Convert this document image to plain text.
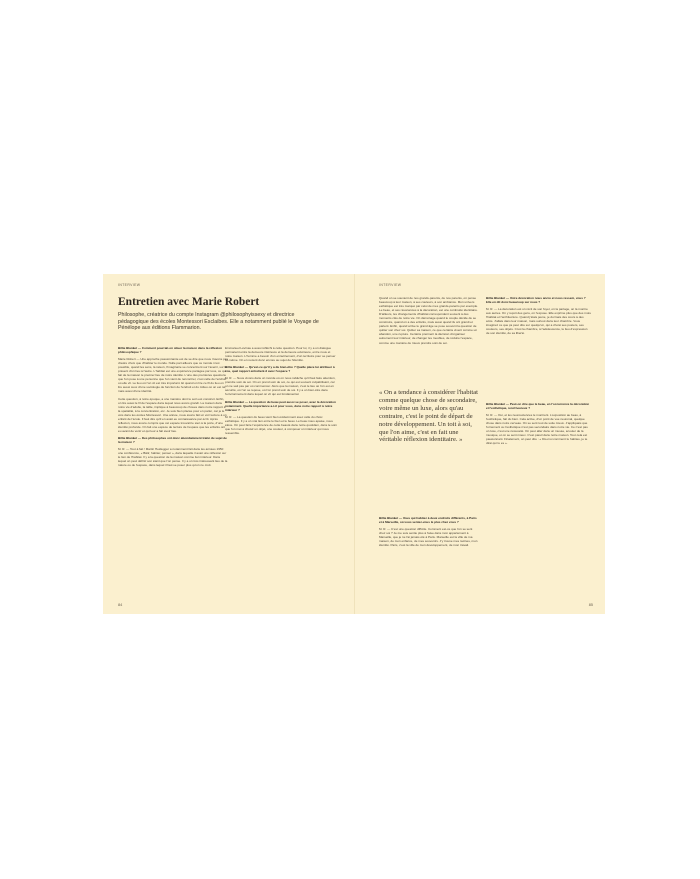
INTERVIEW
Entretien avec Marie Robert

Philosophe, créatrice du compte Instagram @philosophyissexy et directrice pédagogique des écoles Montessori Esclaibes. Elle a notamment publié le Voyage de Pénélope aux éditions Flammarion.

Billie Blanket — Comment pourrait-on situer la maison dans la réflexion philosophique ?

Marie Robert — Une approche passionnante est de se dire que nous n'avons pas d'autre choix que d'habiter le monde. Nulle part ailleurs que ce monde n'est possible, quand les sens, la raison, l'imaginaire se concentrent sur l'avenir, sur le présent d'un lieu à l'autre. L'habitat est une expérience partagée par tous, ce qui fait de la maison le premier lieu de notre identité. L'une des premières questions que l'on pose à une personne que l'on vient de rencontrer, c'est celle de l'endroit où elle vit. Le lieu où l'on vit est très important. Et quand on lire ce fil du lieu on lire aussi ceux d'une sociologie de fonction de l'endroit et du milieu où on est né, mais aussi d'une identité.

Cette question, à notre époque, a une manière dont le soin est construit. Enfin, on lire aussi le fil de l'espace dans lequel nous avons grandi. La maison dans notre vie d'adulte, la table, implique à beaucoup de choses dans notre rapport à la spatialité, à la concentration, etc. Je suis bien placée pour en parler, car je le vois dans les écoles Montessori. Une année, nous avons fait un voir lecture à un enfant de l'école. Il faut dire qu'il en avait eu connaissance par écrit. Après réflexion, nous avons compris que cet espace trouvait le sien à la porte, d'une identité profonde. On fait une espèce de lecture de l'espace que les enfants ont eu avant de venir et qui leur a fait avoir lieu.

Billie Blanket — Des philosophes ont donc abondamment traité du sujet de la maison ?

M. R. — Tout à fait ! Martin Heidegger a notamment fait dans les années 1950 une conférence, « Bâtir, habiter, penser », dans laquelle il avait une réflexion sur le lien de l'habitat. Il y a la question de la maison comme lien intérieur. Dans lequel on peut définir son étant que l'on pense. Il y a un très intéressant lieu de la nature ou de l'espace, dans lequel il faut se poser plus qu'on ne croit.

Emmanuel Lévinas a aussi réfléchi à cette question. Pour lui, il y a un dialogue permanent entre la demeure intérieure et la demeure extérieure, entre nous et notre maison. L'homme a besoin d'un enracinement, d'un territoire pour se penser lui-même. On en revient donc encore au sujet de l'identité.

Billie Blanket — Qu'est-ce qu'il y a du bien-être ? Quelle place lui attribuer à vos, quel rapport entretient-il avec l'espace ?

M. R. — Nous vivons dans un monde où on nous rabâche qu'il faut faire attention, prendre soin de soi. On en prend soin de soi, ce qui est souvent culpabilisant, car on ne sait pas par où commencer. Alors que la maison, c'est le lieu où l'on est en sécurité, où l'on se repose, où l'on prend soin de soi. Il y a un bien-être dans l'environnement dans lequel on vit qui est fondamental.

Billie Blanket — La question du beau peut aussi se poser, avec la décoration notamment. Quelle importance a-t-il pour vous, dans notre rapport à notre intérieur ?

M. R. — La question du beau vient bien évidemment avec celle du choix esthétique. Il y a un vrai lien entre le bien et le beau. Le beau nous apaise, nous élève. On peut faire l'expérience de cette beauté dans notre quotidien, dans le soin que l'on met à choisir un objet, une couleur, à composer un intérieur qui nous ressemble.

84
INTERVIEW

Quand on se souvient de nos grands-parents, de nos parents, on pense beaucoup à leur maison, à ses couleurs, à son ambiance. Mon univers esthétique est très marqué par celui de mes grands-parents par exemple. Le beau, et ses résonances à la décoration, est une continuité identitaire. D'ailleurs, les changements d'habitat correspondent souvent à des moments clés de notre vie. On déménage quand le couple décide de se construire, quand on a des enfants, mais aussi quand ils ont grandi et partent. Enfin, quand arrive le grand âge se pose souvent la question de quitter son chez soi. Quitter sa maison, ce que certains vivent comme un abandon, une rupture. Certains prennent la décision d'organiser autrement leur intérieur, de changer les meubles, de réduire l'espace, comme une manière de mieux prendre soin de soi.

« On a tendance à considérer l'habitat comme quelque chose de secondaire, voire même un luxe, alors qu'au contraire, c'est le point de départ de notre développement. Un toit à soi, que l'on aime, c'est en fait une véritable réflexion identitaire. »

Billie Blanket — Vous qui habitez à deux endroits différents, à Paris et à Marseille, où vous sentez-vous le plus chez vous ?

M. R. — C'est une question difficile. Comment est-ce que l'on se sent chez soi ? Je me suis sentie plus à l'aise dans mon appartement à Marseille, que je ne l'ai jamais été à Paris. Marseille est la ville de ma maison, de mon enfance, de mes souvenirs. J'y trouve mes racines, mon identité. Paris, c'est la ville de mon développement, de mon travail.

Billie Blanket — Votre décoration nous ancre et nous ressem, vous ? Elle en dit donc beaucoup sur nous ?

M. R. — La décoration est un récit de son foyer, on la partage, on la montre aux autres. On y reçoit des gens, on l'expose. Elle exprime plus que des mots l'habitat et l'architecture. Quand j'étais jeune, je dormais des cours à des amis. J'allais dans leur maison, mais surtout dans leur chambre. Vous imaginez ce que ça peut dire sur quelqu'un, qui a choisi ses posters, ses couleurs, ses objets. C'est la chambre, à l'adolescence, le lieu d'expression de son identité, de sa liberté.

Billie Blanket — Peut-on dire que le beau, en l'occurrence la décoration et l'esthétique, rend heureux ?

M. R. — Oui, et les neurosciences le montrent. L'exposition au beau, à l'esthétique, fait du bien. Cela active, d'un point de vue neuronal, quelque chose dans notre cerveau. On se sent tout de suite mieux. J'appliquais que l'ornement ou l'esthétique n'est pas secondaire dans notre vie. Ce n'est pas un luxe, c'est une nécessité. On peut aller dans un musée, écouter de la musique, et on se sent mieux. C'est pareil dans notre maison. Tout cela est passionnant. Finalement, on peut dire : « Dis-moi comment tu habites, je te dirai qui tu es ».

85
